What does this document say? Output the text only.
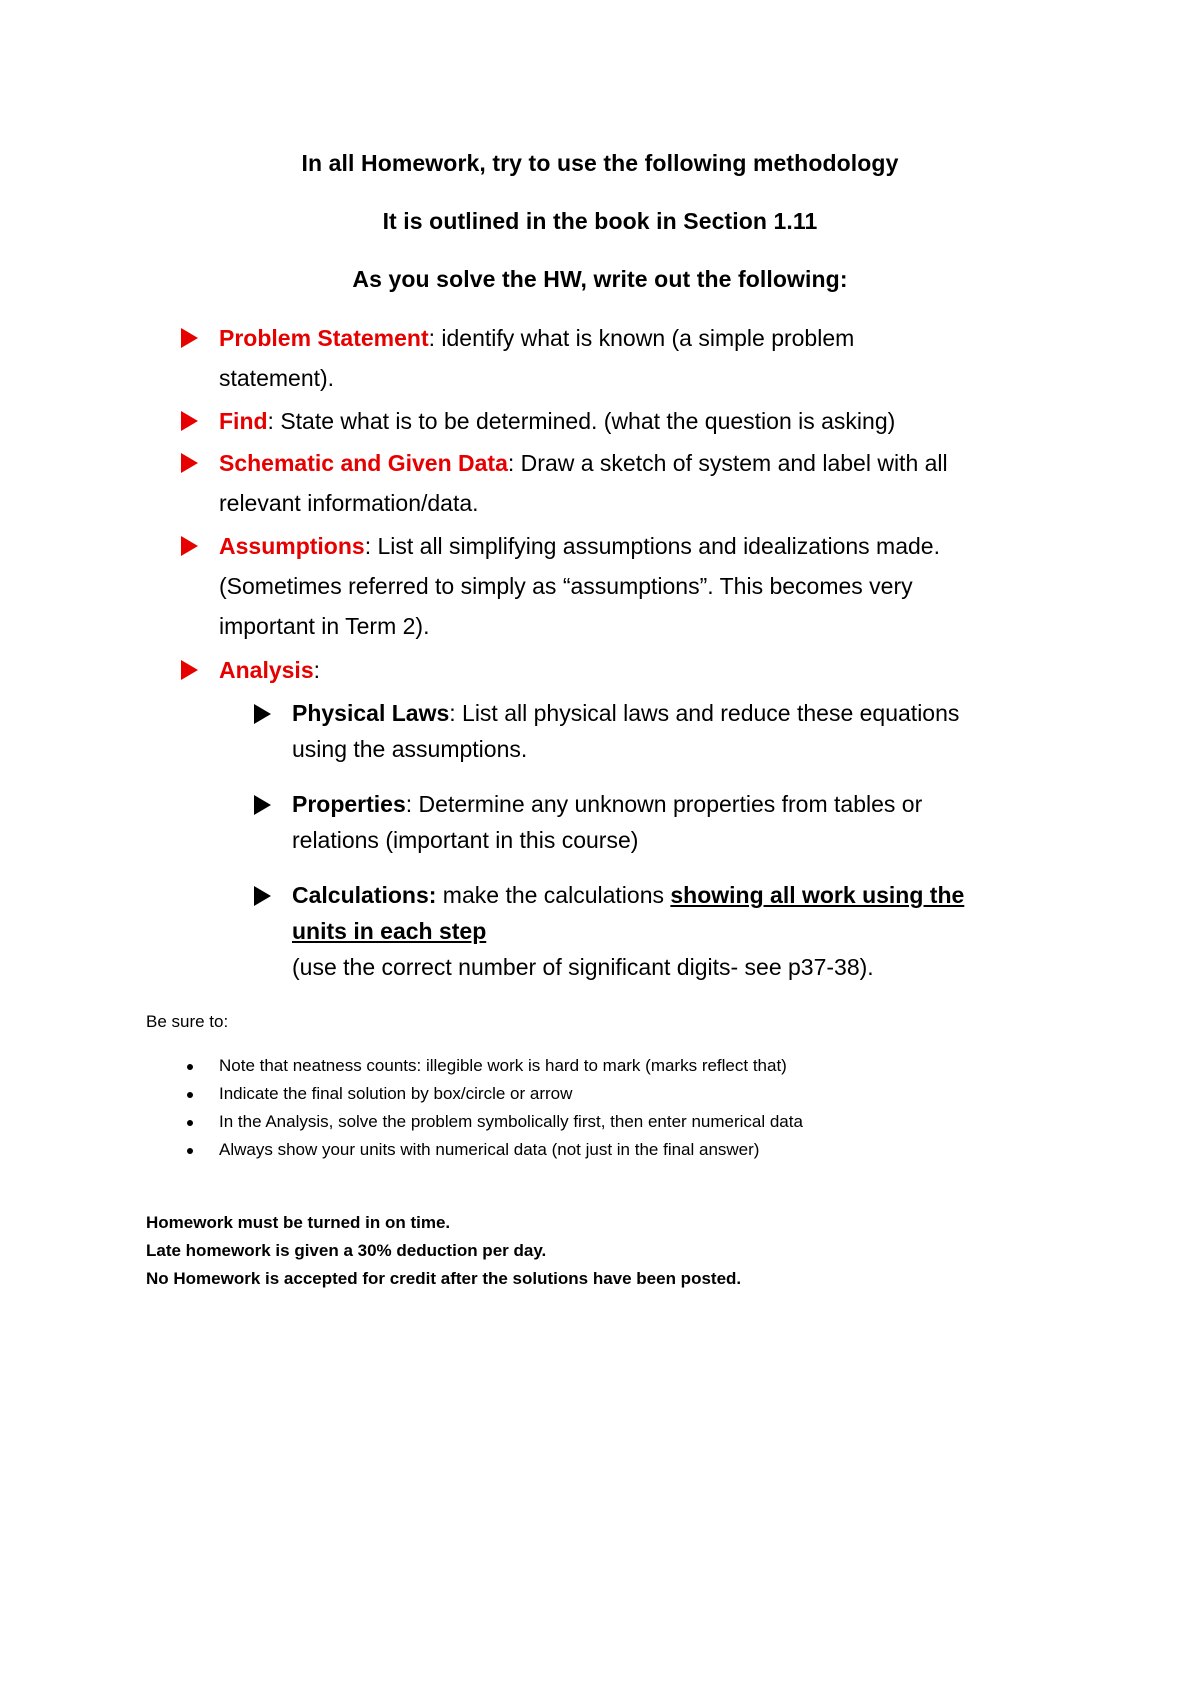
In all Homework, try to use the following methodology
It is outlined in the book in Section 1.11
As you solve the HW, write out the following:
Problem Statement: identify what is known (a simple problem
statement).
Find: State what is to be determined. (what the question is asking)
Schematic and Given Data: Draw a sketch of system and label with all
relevant information/data.
Assumptions: List all simplifying assumptions and idealizations made.
(Sometimes referred to simply as “assumptions”. This becomes very
important in Term 2).
Analysis:
Physical Laws: List all physical laws and reduce these equations
using the assumptions.
Properties: Determine any unknown properties from tables or
relations (important in this course)
Calculations: make the calculations showing all work using the
units in each step
(use the correct number of significant digits- see p37-38).
Be sure to:
Note that neatness counts: illegible work is hard to mark (marks reflect that)
Indicate the final solution by box/circle or arrow
In the Analysis, solve the problem symbolically first, then enter numerical data
Always show your units with numerical data (not just in the final answer)
Homework must be turned in on time.
Late homework is given a 30% deduction per day.
No Homework is accepted for credit after the solutions have been posted.
